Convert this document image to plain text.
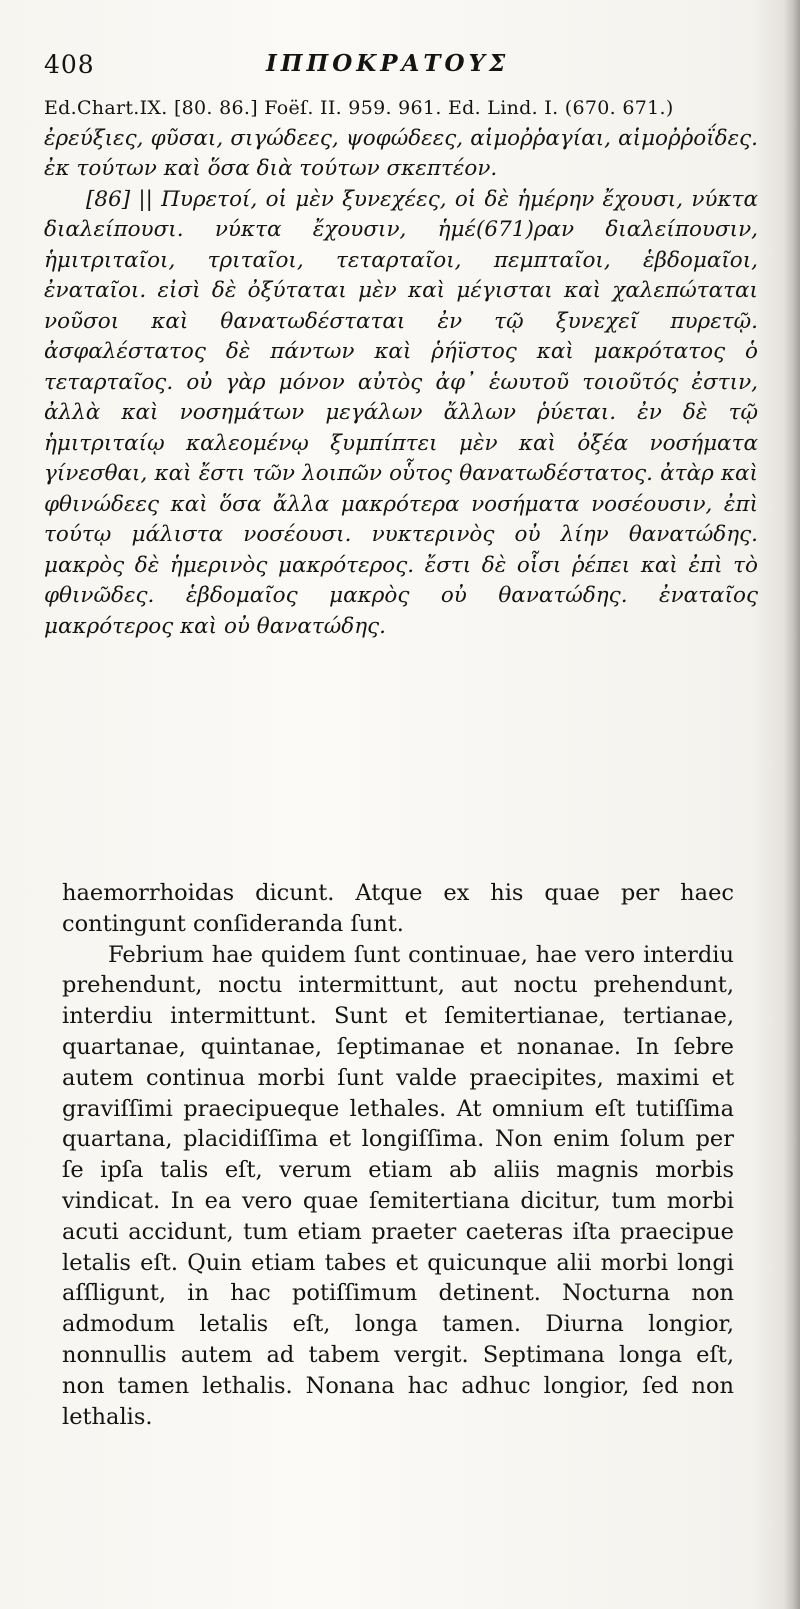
408	ΙΠΠΟΚΡΑΤΟΥΣ

Ed.Chart.IX. [80. 86.] Foëſ. II. 959. 961. Ed. Lind. I. (670. 671.)

ἐρεύξιες, φῦσαι, σιγώδεες, ψοφώδεες, αἱμοῤῥαγίαι, αἱμοῤῥοΐδες. ἐκ τούτων καὶ ὅσα διὰ τούτων σκεπτέον.

[86] || Πυρετοί, οἱ μὲν ξυνεχέες, οἱ δὲ ἡμέρην ἔχουσι, νύκτα διαλείπουσι. νύκτα ἔχουσιν, ἡμέ(671)ραν διαλείπουσιν, ἡμιτριταῖοι, τριταῖοι, τεταρταῖοι, πεμπταῖοι, ἑβδομαῖοι, ἐναταῖοι. εἰσὶ δὲ ὀξύταται μὲν καὶ μέγισται καὶ χαλεπώταται νοῦσοι καὶ θανατωδέσταται ἐν τῷ ξυνεχεῖ πυρετῷ. ἀσφαλέστατος δὲ πάντων καὶ ῥήϊστος καὶ μακρότατος ὁ τεταρταῖος. οὐ γὰρ μόνον αὐτὸς ἀφ᾽ ἑωυτοῦ τοιοῦτός ἐστιν, ἀλλὰ καὶ νοσημάτων μεγάλων ἄλλων ῥύεται. ἐν δὲ τῷ ἡμιτριταίῳ καλεομένῳ ξυμπίπτει μὲν καὶ ὀξέα νοσήματα γίνεσθαι, καὶ ἔστι τῶν λοιπῶν οὗτος θανατωδέστατος. ἀτὰρ καὶ φθινώδεες καὶ ὅσα ἄλλα μακρότερα νοσήματα νοσέουσιν, ἐπὶ τούτῳ μάλιστα νοσέουσι. νυκτερινὸς οὐ λίην θανατώδης. μακρὸς δὲ ἡμερινὸς μακρότερος. ἔστι δὲ οἷσι ῥέπει καὶ ἐπὶ τὸ φθινῶδες. ἑβδομαῖος μακρὸς οὐ θανατώδης. ἐναταῖος μακρότερος καὶ οὐ θανατώδης.

haemorrhoidas dicunt. Atque ex his quae per haec contingunt conſideranda ſunt.

Febrium hae quidem ſunt continuae, hae vero interdiu prehendunt, noctu intermittunt, aut noctu prehendunt, interdiu intermittunt. Sunt et ſemitertianae, tertianae, quartanae, quintanae, ſeptimanae et nonanae. In ſebre autem continua morbi ſunt valde praecipites, maximi et graviſſimi praecipueque lethales. At omnium eſt tutiſſima quartana, placidiſſima et longiſſima. Non enim ſolum per ſe ipſa talis eſt, verum etiam ab aliis magnis morbis vindicat. In ea vero quae ſemitertiana dicitur, tum morbi acuti accidunt, tum etiam praeter caeteras iſta praecipue letalis eſt. Quin etiam tabes et quicunque alii morbi longi aſſligunt, in hac potiſſimum detinent. Nocturna non admodum letalis eſt, longa tamen. Diurna longior, nonnullis autem ad tabem vergit. Septimana longa eſt, non tamen lethalis. Nonana hac adhuc longior, ſed non lethalis.
